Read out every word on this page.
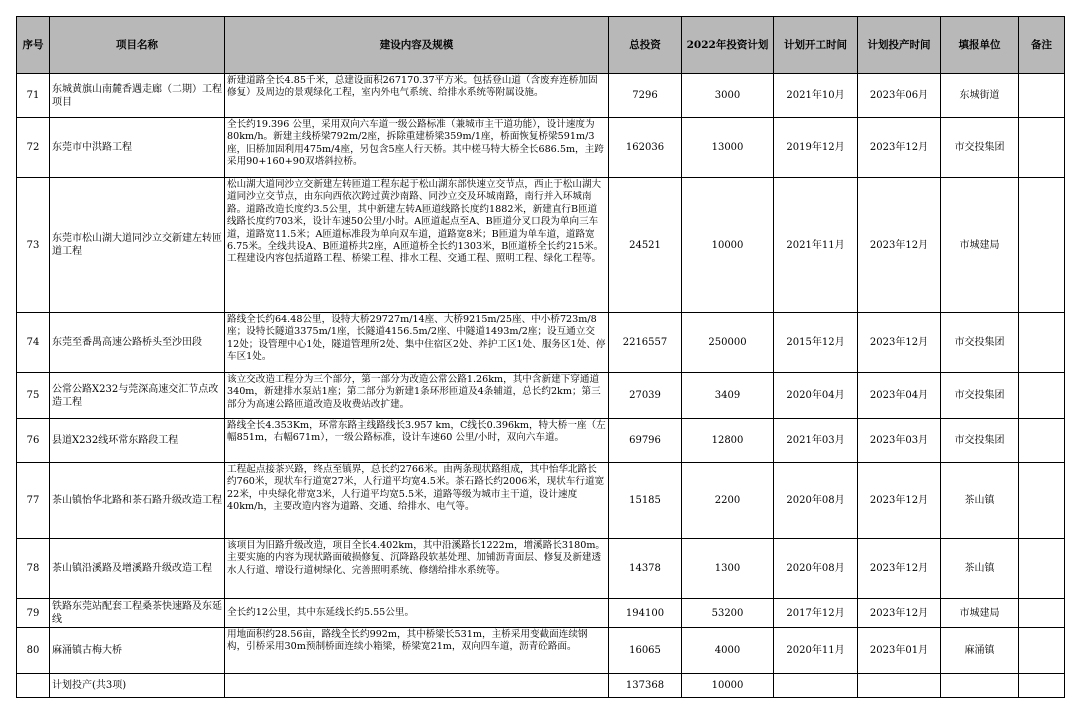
序号	项目名称	建设内容及规模	总投资	2022年投资计划	计划开工时间	计划投产时间	填报单位	备注
71	东城黄旗山南麓香遇走廊（二期）工程项目	新建道路全长4.85千米，总建设面积267170.37平方米。包括登山道（含废弃连桥加固修复）及周边的景观绿化工程，室内外电气系统、给排水系统等附属设施。	7296	3000	2021年10月	2023年06月	东城街道	
72	东莞市中洪路工程	全长约19.396 公里，采用双向六车道一级公路标准（兼城市主干道功能），设计速度为80km/h。新建主线桥梁792m/2座，拆除重建桥梁359m/1座，桥面恢复桥梁591m/3座，旧桥加固利用475m/4座，另包含5座人行天桥。其中槎马特大桥全长686.5m，主跨采用90+160+90双塔斜拉桥。	162036	13000	2019年12月	2023年12月	市交投集团	
73	东莞市松山湖大道同沙立交新建左转匝道工程	松山湖大道同沙立交新建左转匝道工程东起于松山湖东部快速立交节点，西止于松山湖大道同沙立交节点，由东向西依次跨过黄沙南路、同沙立交及环城南路，南行并入环城南路。道路改造长度约3.5公里，其中新建左转A匝道线路长度约1882米，新建直行B匝道线路长度约703米，设计车速50公里/小时。A匝道起点至A、B匝道分叉口段为单向三车道，道路宽11.5米；A匝道标准段为单向双车道，道路宽8米；B匝道为单车道，道路宽6.75米。全线共设A、B匝道桥共2座，A匝道桥全长约1303米，B匝道桥全长约215米。工程建设内容包括道路工程、桥梁工程、排水工程、交通工程、照明工程、绿化工程等。	24521	10000	2021年11月	2023年12月	市城建局	
74	东莞至番禺高速公路桥头至沙田段	路线全长约64.48公里，设特大桥29727m/14座、大桥9215m/25座、中小桥723m/8座；设特长隧道3375m/1座，长隧道4156.5m/2座、中隧道1493m/2座；设互通立交12处；设管理中心1处，隧道管理所2处、集中住宿区2处、养护工区1处、服务区1处、停车区1处。	2216557	250000	2015年12月	2023年12月	市交投集团	
75	公常公路X232与莞深高速交汇节点改造工程	该立交改造工程分为三个部分，第一部分为改造公常公路1.26km，其中含新建下穿通道340m，新建排水泵站1座；第二部分为新建1条环形匝道及4条辅道，总长约2km；第三部分为高速公路匝道改造及收费站改扩建。	27039	3409	2020年04月	2023年04月	市交投集团	
76	县道X232线环常东路段工程	路线全长4.353Km，环常东路主线路线长3.957 km，C线长0.396km，特大桥一座（左幅851m，右幅671m），一级公路标准，设计车速60 公里/小时，双向六车道。	69796	12800	2021年03月	2023年03月	市交投集团	
77	茶山镇怡华北路和茶石路升级改造工程	工程起点接茶兴路，终点至镇界，总长约2766米。由两条现状路组成，其中怡华北路长约760米，现状车行道宽27米，人行道平均宽4.5米。茶石路长约2006米，现状车行道宽22米，中央绿化带宽3米，人行道平均宽5.5米，道路等级为城市主干道，设计速度40km/h，主要改造内容为道路、交通、给排水、电气等。	15185	2200	2020年08月	2023年12月	茶山镇	
78	茶山镇沿溪路及增溪路升级改造工程	该项目为旧路升级改造，项目全长4.402km，其中沿溪路长1222m，增溪路长3180m。主要实施的内容为现状路面破损修复、沉降路段软基处理、加铺沥青面层、修复及新建透水人行道、增设行道树绿化、完善照明系统、修缮给排水系统等。	14378	1300	2020年08月	2023年12月	茶山镇	
79	铁路东莞站配套工程桑茶快速路及东延线	全长约12公里，其中东延线长约5.55公里。	194100	53200	2017年12月	2023年12月	市城建局	
80	麻涌镇古梅大桥	用地面积约28.56亩，路线全长约992m，其中桥梁长531m，主桥采用变截面连续钢构，引桥采用30m预制桥面连续小箱梁，桥梁宽21m，双向四车道，沥青砼路面。	16065	4000	2020年11月	2023年01月	麻涌镇	
	计划投产(共3项)		137368	10000				
